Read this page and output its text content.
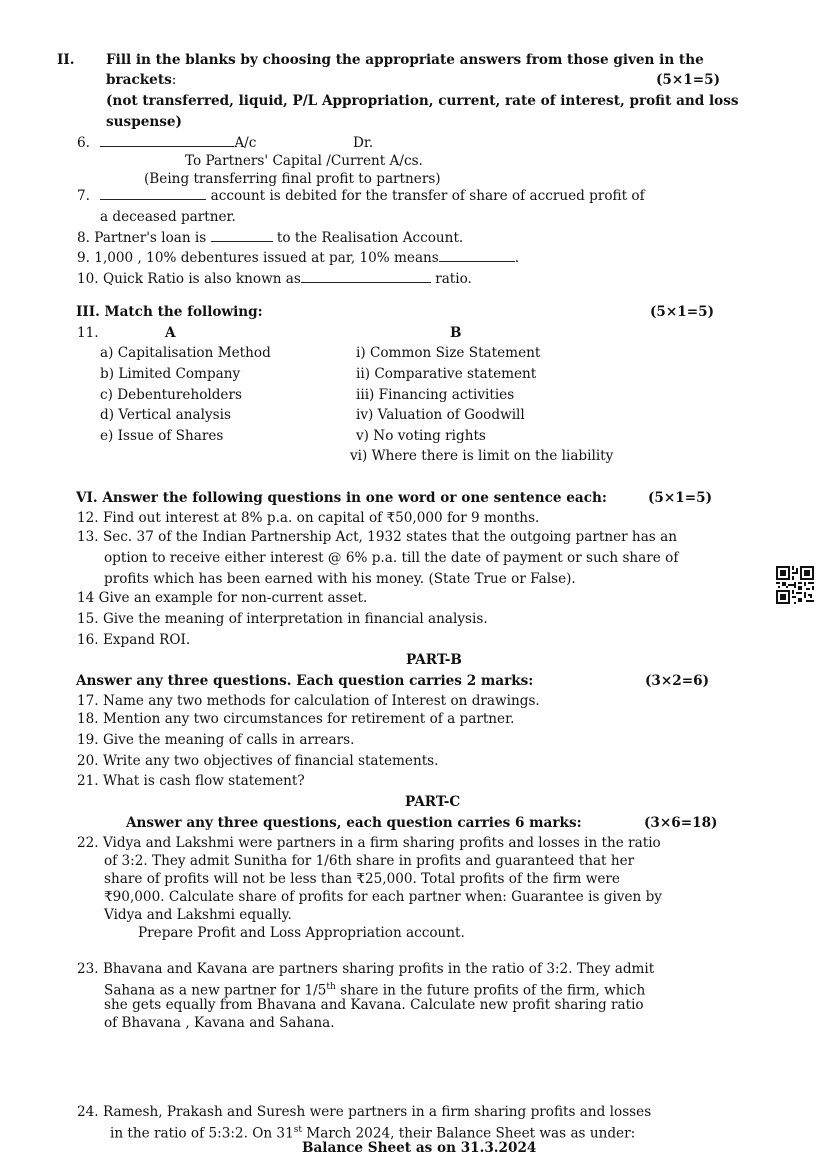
II. Fill in the blanks by choosing the appropriate answers from those given in the
brackets:	(5×1=5)
(not transferred, liquid, P/L Appropriation, current, rate of interest, profit and loss
suspense)
6.	A/c	Dr.
To Partners' Capital /Current A/cs.
(Being transferring final profit to partners)
7.	account is debited for the transfer of share of accrued profit of
a deceased partner.
8. Partner's loan is	to the Realisation Account.
9. 1,000 , 10% debentures issued at par, 10% means	.
10. Quick Ratio is also known as	ratio.
III. Match the following:	(5×1=5)
11.	A	B
a) Capitalisation Method
b) Limited Company
c) Debentureholders
d) Vertical analysis
e) Issue of Shares
i) Common Size Statement
ii) Comparative statement
iii) Financing activities
iv) Valuation of Goodwill
v) No voting rights
vi) Where there is limit on the liability
VI. Answer the following questions in one word or one sentence each:	(5×1=5)
12. Find out interest at 8% p.a. on capital of ₹50,000 for 9 months.
13. Sec. 37 of the Indian Partnership Act, 1932 states that the outgoing partner has an
option to receive either interest @ 6% p.a. till the date of payment or such share of
profits which has been earned with his money. (State True or False).
14 Give an example for non-current asset.
15. Give the meaning of interpretation in financial analysis.
16. Expand ROI.
PART-B
Answer any three questions. Each question carries 2 marks:	(3×2=6)
17. Name any two methods for calculation of Interest on drawings.
18. Mention any two circumstances for retirement of a partner.
19. Give the meaning of calls in arrears.
20. Write any two objectives of financial statements.
21. What is cash flow statement?
PART-C
Answer any three questions, each question carries 6 marks:	(3×6=18)
22. Vidya and Lakshmi were partners in a firm sharing profits and losses in the ratio
of 3:2. They admit Sunitha for 1/6th share in profits and guaranteed that her
share of profits will not be less than ₹25,000. Total profits of the firm were
₹90,000. Calculate share of profits for each partner when: Guarantee is given by
Vidya and Lakshmi equally.
Prepare Profit and Loss Appropriation account.
23. Bhavana and Kavana are partners sharing profits in the ratio of 3:2. They admit
Sahana as a new partner for 1/5th share in the future profits of the firm, which
she gets equally from Bhavana and Kavana. Calculate new profit sharing ratio
of Bhavana , Kavana and Sahana.
24. Ramesh, Prakash and Suresh were partners in a firm sharing profits and losses
in the ratio of 5:3:2. On 31st March 2024, their Balance Sheet was as under:
Balance Sheet as on 31.3.2024
